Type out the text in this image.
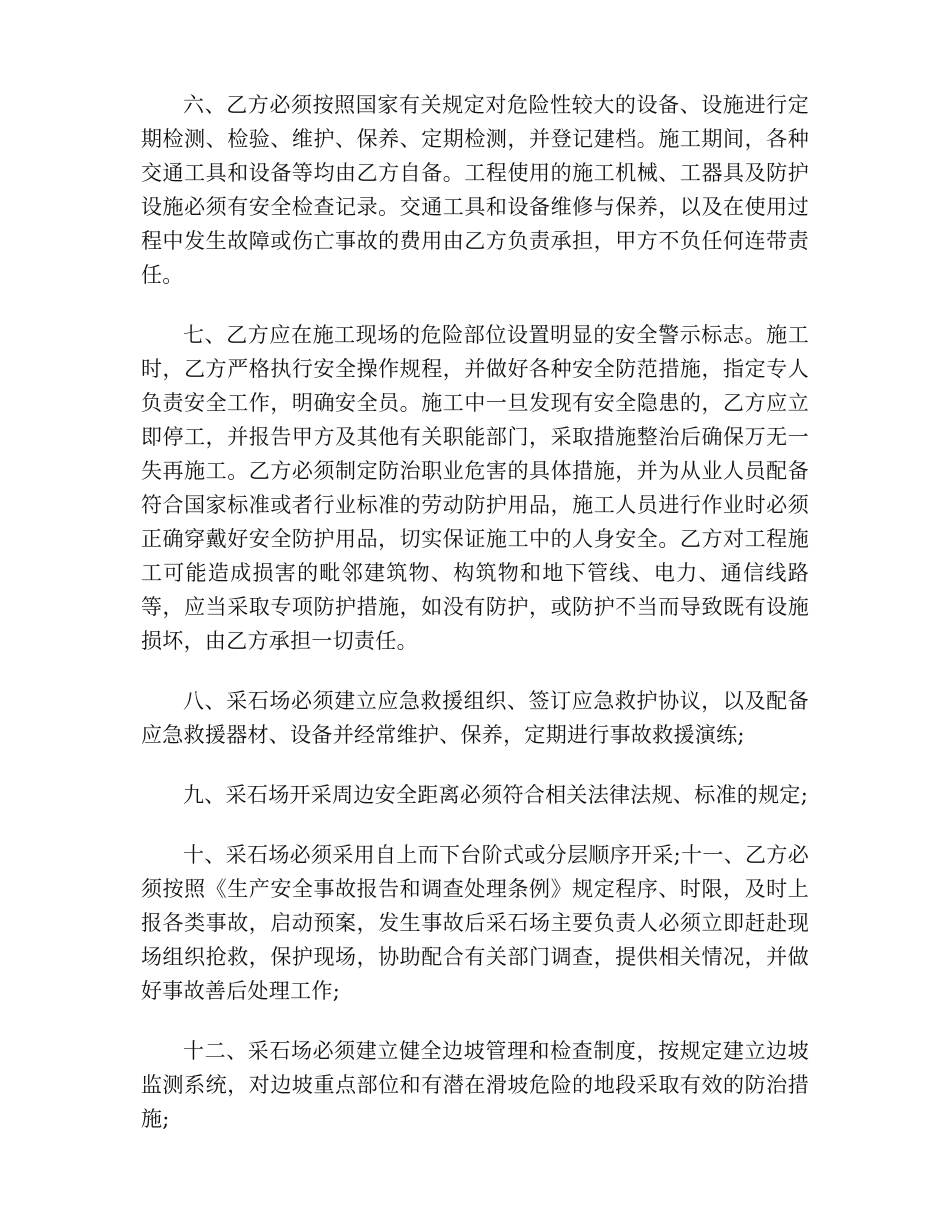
六、乙方必须按照国家有关规定对危险性较大的设备、设施进行定期检测、检验、维护、保养、定期检测，并登记建档。施工期间，各种交通工具和设备等均由乙方自备。工程使用的施工机械、工器具及防护设施必须有安全检查记录。交通工具和设备维修与保养，以及在使用过程中发生故障或伤亡事故的费用由乙方负责承担，甲方不负任何连带责任。

七、乙方应在施工现场的危险部位设置明显的安全警示标志。施工时，乙方严格执行安全操作规程，并做好各种安全防范措施，指定专人负责安全工作，明确安全员。施工中一旦发现有安全隐患的，乙方应立即停工，并报告甲方及其他有关职能部门，采取措施整治后确保万无一失再施工。乙方必须制定防治职业危害的具体措施，并为从业人员配备符合国家标准或者行业标准的劳动防护用品，施工人员进行作业时必须正确穿戴好安全防护用品，切实保证施工中的人身安全。乙方对工程施工可能造成损害的毗邻建筑物、构筑物和地下管线、电力、通信线路等，应当采取专项防护措施，如没有防护，或防护不当而导致既有设施损坏，由乙方承担一切责任。

八、采石场必须建立应急救援组织、签订应急救护协议，以及配备应急救援器材、设备并经常维护、保养，定期进行事故救援演练;

九、采石场开采周边安全距离必须符合相关法律法规、标准的规定;

十、采石场必须采用自上而下台阶式或分层顺序开采;十一、乙方必须按照《生产安全事故报告和调查处理条例》规定程序、时限，及时上报各类事故，启动预案，发生事故后采石场主要负责人必须立即赶赴现场组织抢救，保护现场，协助配合有关部门调查，提供相关情况，并做好事故善后处理工作;

十二、采石场必须建立健全边坡管理和检查制度，按规定建立边坡监测系统，对边坡重点部位和有潜在滑坡危险的地段采取有效的防治措施;
